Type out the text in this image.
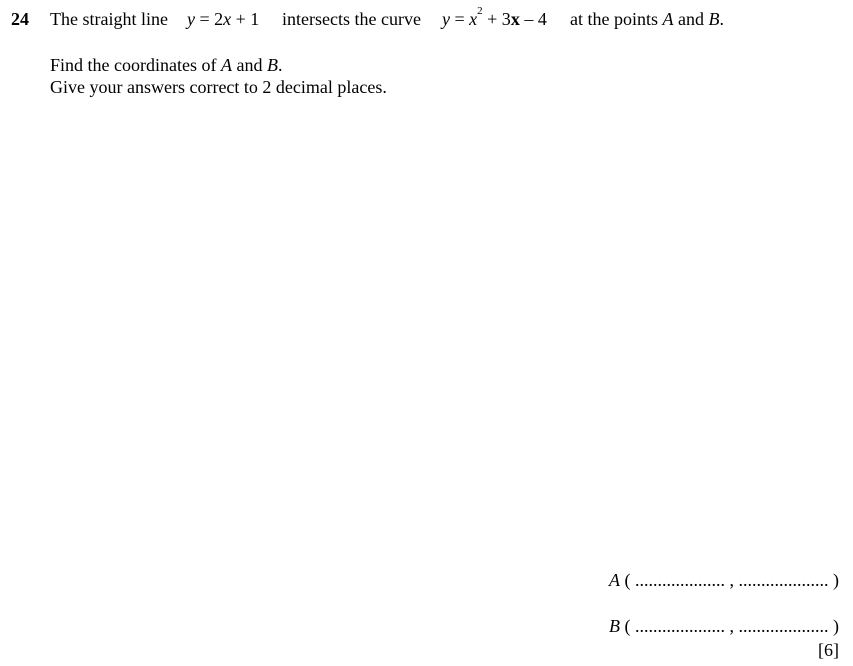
24 The straight line y = 2x + 1 intersects the curve $y = x^2 + 3x - 4$ at the points A and B.
Find the coordinates of A and B.
Give your answers correct to 2 decimal places.
A ( .................... , .................... )
B ( .................... , .................... )
[6]
